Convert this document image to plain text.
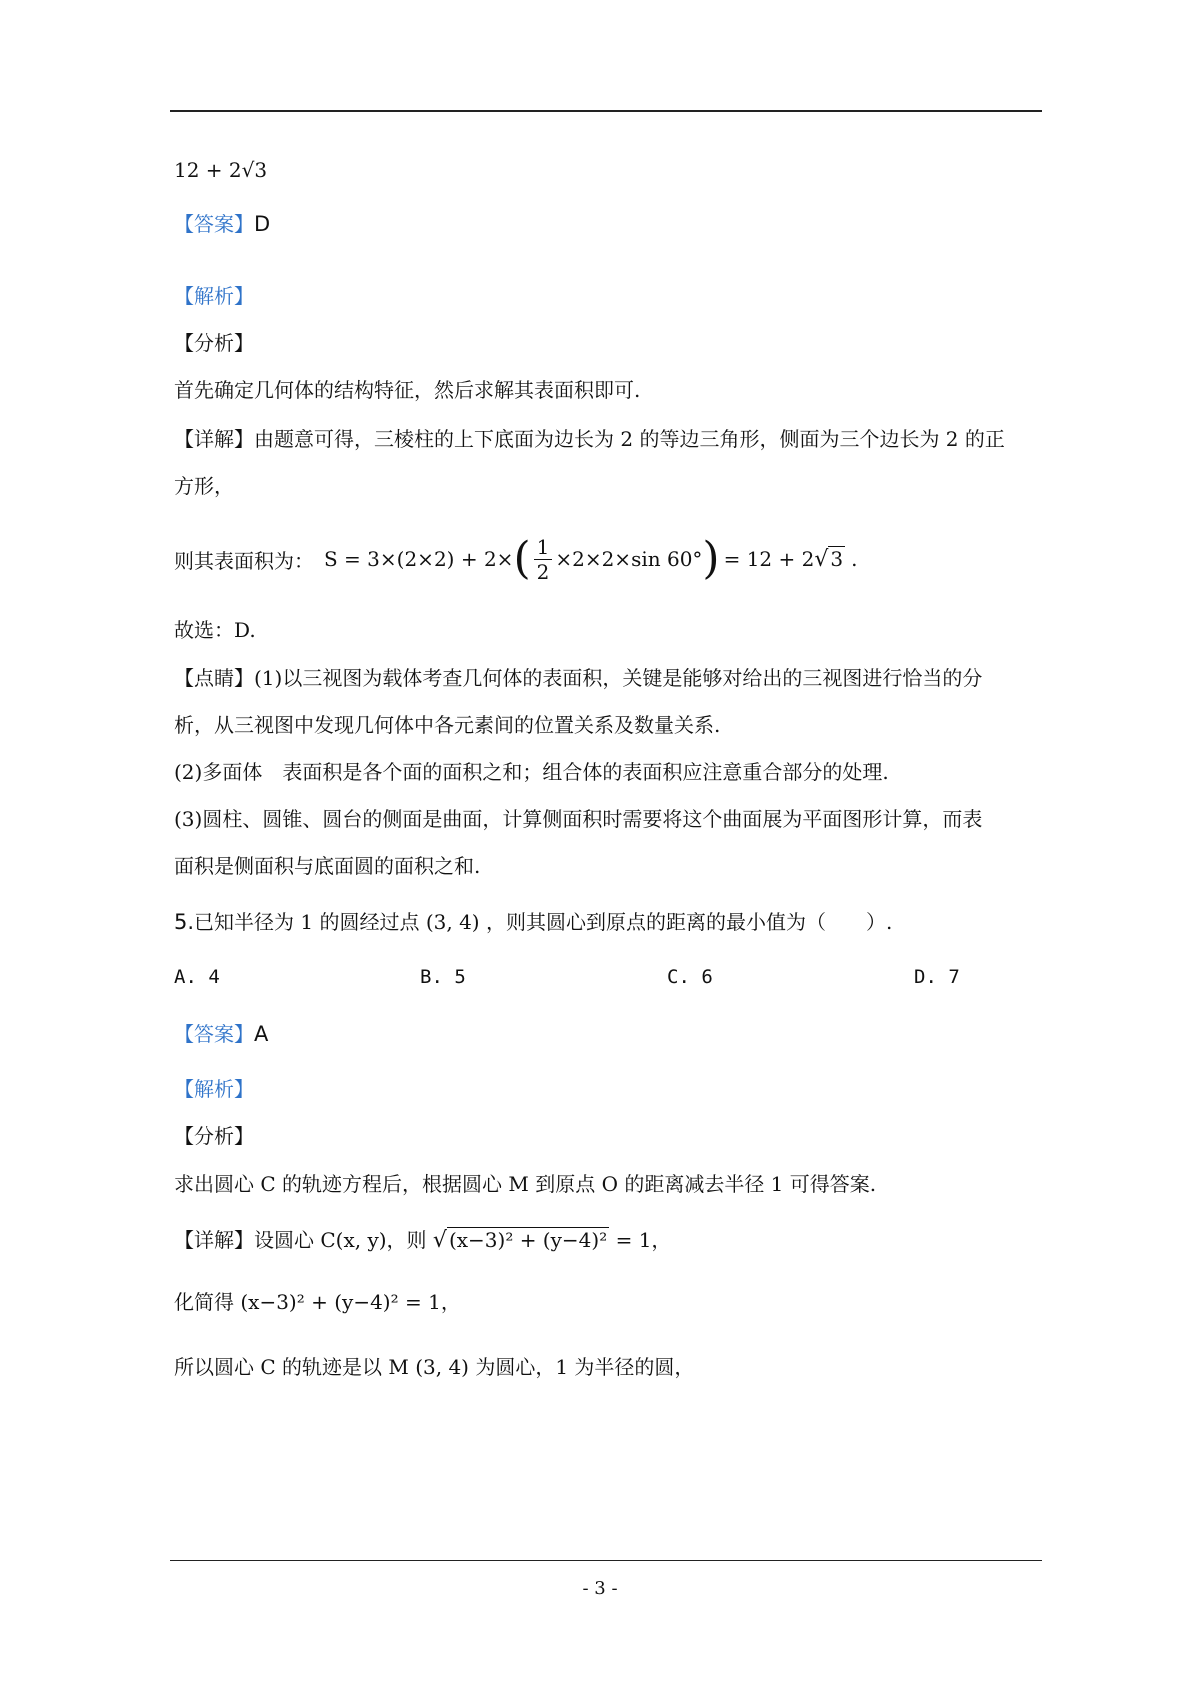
12 + 2√3
【答案】D
【解析】
【分析】
首先确定几何体的结构特征，然后求解其表面积即可.
【详解】由题意可得，三棱柱的上下底面为边长为 2 的等边三角形，侧面为三个边长为 2 的正
方形，
则其表面积为： S = 3×(2×2) + 2× ( $\frac{1}{2} \times 2\times 2\times\sin$ 60° ) = 12 + 2 √ 3 .
故选：D.
【点睛】(1)以三视图为载体考查几何体的表面积，关键是能够对给出的三视图进行恰当的分
析，从三视图中发现几何体中各元素间的位置关系及数量关系.
(2)多面体　表面积是各个面的面积之和；组合体的表面积应注意重合部分的处理.
(3)圆柱、圆锥、圆台的侧面是曲面，计算侧面积时需要将这个曲面展为平面图形计算，而表
面积是侧面积与底面圆的面积之和.
5.已知半径为 1 的圆经过点 (3, 4) ，则其圆心到原点的距离的最小值为（　　）.
A. 4	B. 5	C. 6	D. 7
【答案】A
【解析】
【分析】
求出圆心 C 的轨迹方程后，根据圆心 M 到原点 O 的距离减去半径 1 可得答案.
【详解】设圆心 C(x, y)，则 √ (x−3)² + (y−4)² = 1，
化简得 (x−3)² + (y−4)² = 1，
所以圆心 C 的轨迹是以 M (3, 4) 为圆心，1 为半径的圆，
- 3 -
